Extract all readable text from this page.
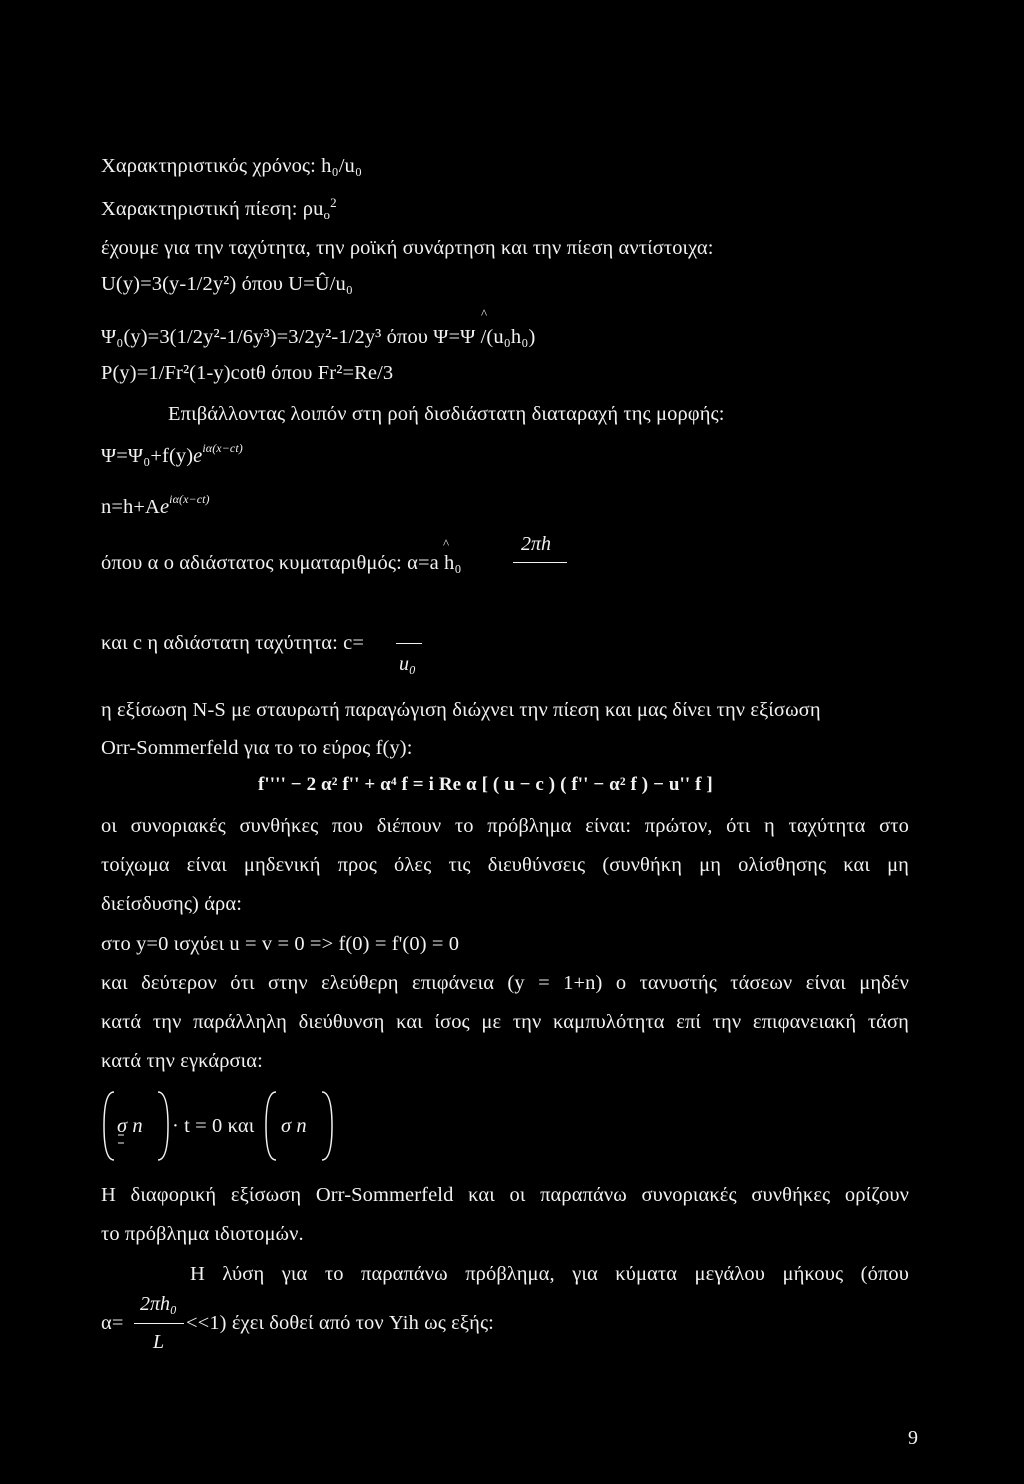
Χαρακτηριστικός χρόνος: h₀/u₀
Χαρακτηριστική πίεση: $\rho u_o^2$
έχουμε για την ταχύτητα, την ροϊκή συνάρτηση και την πίεση αντίστοιχα:
U(y)=3(y-1/2y²) όπου U=Û/u₀
^
Ψ₀(y)=3(1/2y²-1/6y³)=3/2y²-1/2y³ όπου Ψ=Ψ /(u₀h₀)
P(y)=1/Fr²(1-y)cotθ όπου Fr²=Re/3
Επιβάλλοντας λοιπόν στη ροή δισδιάστατη διαταραχή της μορφής:
$\Psi=\Psi_0+f(y)e^{i\alpha(x-ct)}$
$n=h+Ae^{i\alpha(x-ct)}$
^	2πh
όπου α ο αδιάστατος κυματαριθμός: α=a h₀
και c η αδιάστατη ταχύτητα: c=
u₀
η εξίσωση N-S με σταυρωτή παραγώγιση διώχνει την πίεση και μας δίνει την εξίσωση
Orr-Sommerfeld για το το εύρος f(y):
f'''' − 2 α² f'' + α⁴ f = i Re α [ ( u − c ) ( f'' − α² f ) − u'' f ]
οι συνοριακές συνθήκες που διέπουν το πρόβλημα είναι: πρώτον, ότι η ταχύτητα στο
τοίχωμα είναι μηδενική προς όλες τις διευθύνσεις (συνθήκη μη ολίσθησης και μη
διείσδυσης) άρα:
στο y=0 ισχύει u = v = 0 => f(0) = f'(0) = 0
και δεύτερον ότι στην ελεύθερη επιφάνεια (y = 1+n) ο τανυστής τάσεων είναι μηδέν
κατά την παράλληλη διεύθυνση και ίσος με την καμπυλότητα επί την επιφανειακή τάση
κατά την εγκάρσια:
σ n · t = 0 και σ n
Η διαφορική εξίσωση Orr-Sommerfeld και οι παραπάνω συνοριακές συνθήκες ορίζουν
το πρόβλημα ιδιοτομών.
Η λύση για το παραπάνω πρόβλημα, για κύματα μεγάλου μήκους (όπου
α=
2πh₀
L
<<1) έχει δοθεί από τον Yih ως εξής:
9
